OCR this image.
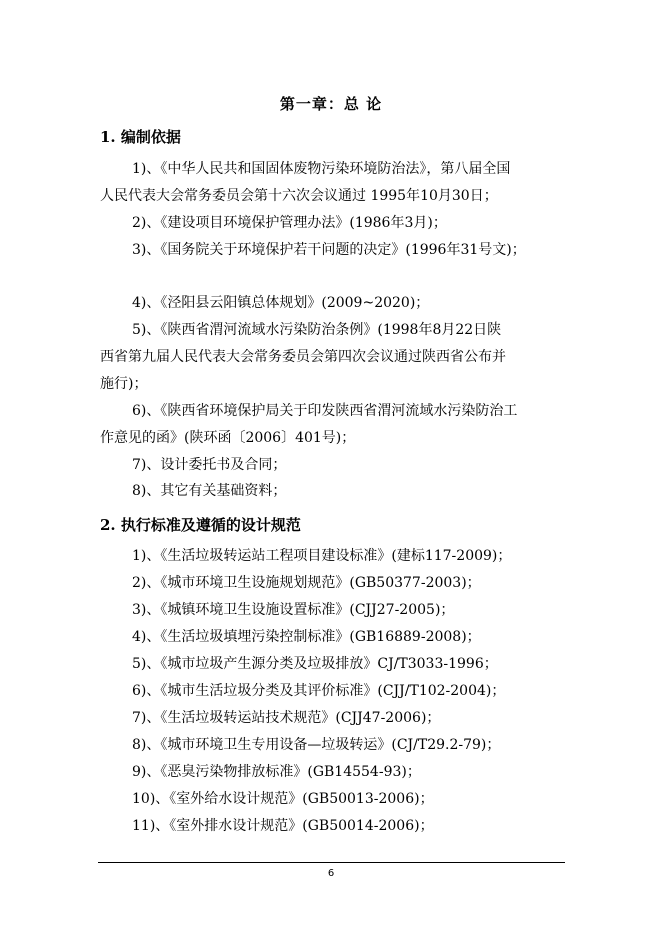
第一章：总 论
1. 编制依据
1)、《中华人民共和国固体废物污染环境防治法》，第八届全国
人民代表大会常务委员会第十六次会议通过 1995年10月30日；
2)、《建设项目环境保护管理办法》(1986年3月)；
3)、《国务院关于环境保护若干问题的决定》(1996年31号文)；
4)、《泾阳县云阳镇总体规划》(2009~2020)；
5)、《陕西省渭河流域水污染防治条例》(1998年8月22日陕
西省第九届人民代表大会常务委员会第四次会议通过陕西省公布并
施行)；
6)、《陕西省环境保护局关于印发陕西省渭河流域水污染防治工
作意见的函》(陕环函〔2006〕401号)；
7)、设计委托书及合同；
8)、其它有关基础资料；
2. 执行标准及遵循的设计规范
1)、《生活垃圾转运站工程项目建设标准》(建标117-2009)；
2)、《城市环境卫生设施规划规范》(GB50377-2003)；
3)、《城镇环境卫生设施设置标准》(CJJ27-2005)；
4)、《生活垃圾填埋污染控制标准》(GB16889-2008)；
5)、《城市垃圾产生源分类及垃圾排放》CJ/T3033-1996；
6)、《城市生活垃圾分类及其评价标准》(CJJ/T102-2004)；
7)、《生活垃圾转运站技术规范》(CJJ47-2006)；
8)、《城市环境卫生专用设备—垃圾转运》(CJ/T29.2-79)；
9)、《恶臭污染物排放标准》(GB14554-93)；
10)、《室外给水设计规范》(GB50013-2006)；
11)、《室外排水设计规范》(GB50014-2006)；
6
